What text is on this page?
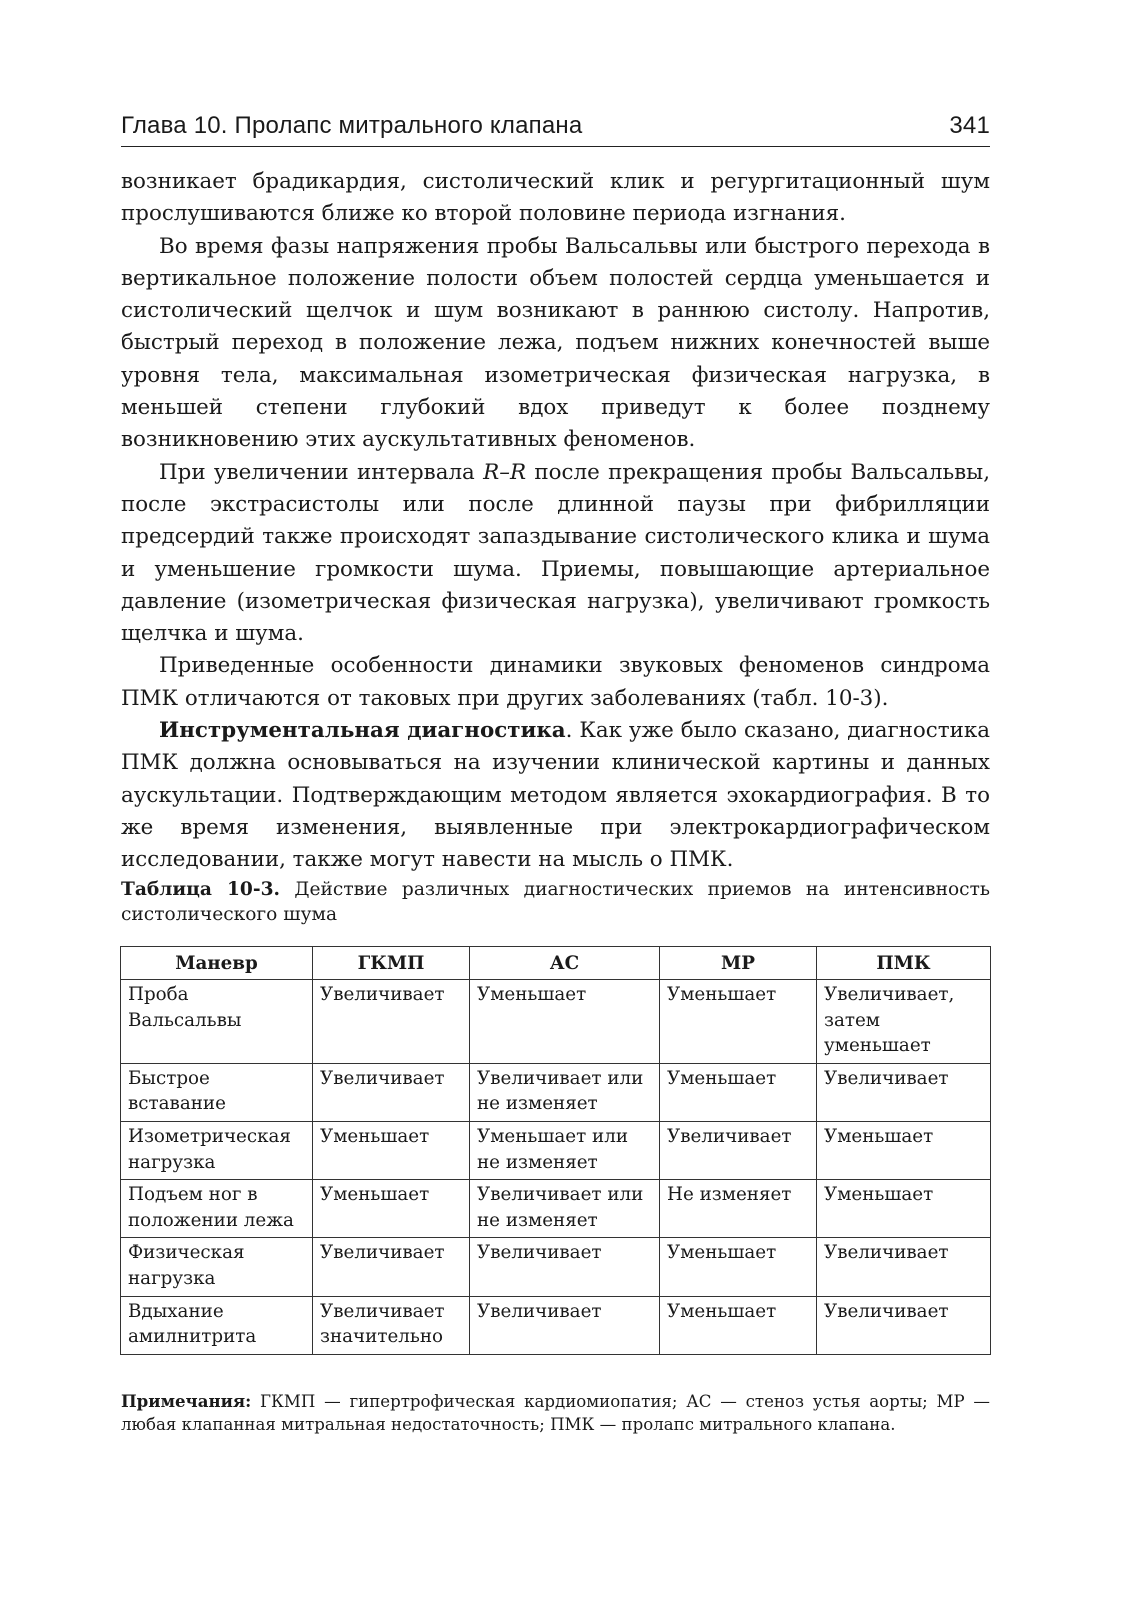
Глава 10. Пролапс митрального клапана	341

возникает брадикардия, систолический клик и регургитационный шум прослушиваются ближе ко второй половине периода изгнания.

Во время фазы напряжения пробы Вальсальвы или быстрого перехода в вертикальное положение полости объем полостей сердца уменьшается и систолический щелчок и шум возникают в раннюю систолу. Напротив, быстрый переход в положение лежа, подъем нижних конечностей выше уровня тела, максимальная изометрическая физическая нагрузка, в меньшей степени глубокий вдох приведут к более позднему возникновению этих аускультативных феноменов.

При увеличении интервала R–R после прекращения пробы Вальсальвы, после экстрасистолы или после длинной паузы при фибрилляции предсердий также происходят запаздывание систолического клика и шума и уменьшение громкости шума. Приемы, повышающие артериальное давление (изометрическая физическая нагрузка), увеличивают громкость щелчка и шума.

Приведенные особенности динамики звуковых феноменов синдрома ПМК отличаются от таковых при других заболеваниях (табл. 10-3).

Инструментальная диагностика. Как уже было сказано, диагностика ПМК должна основываться на изучении клинической картины и данных аускультации. Подтверждающим методом является эхокардиография. В то же время изменения, выявленные при электрокардиографическом исследовании, также могут навести на мысль о ПМК.

Таблица 10-3. Действие различных диагностических приемов на интенсивность систолического шума
Маневр	ГКМП	АС	МР	ПМК
Проба Вальсальвы	Увеличивает	Уменьшает	Уменьшает	Увеличивает, затем уменьшает
Быстрое вставание	Увеличивает	Увеличивает или не изменяет	Уменьшает	Увеличивает
Изометрическая нагрузка	Уменьшает	Уменьшает или не изменяет	Увеличивает	Уменьшает
Подъем ног в положении лежа	Уменьшает	Увеличивает или не изменяет	Не изменяет	Уменьшает
Физическая нагрузка	Увеличивает	Увеличивает	Уменьшает	Увеличивает
Вдыхание амилнитрита	Увеличивает значительно	Увеличивает	Уменьшает	Увеличивает
Примечания: ГКМП — гипертрофическая кардиомиопатия; АС — стеноз устья аорты; МР — любая клапанная митральная недостаточность; ПМК — пролапс митрального клапана.
